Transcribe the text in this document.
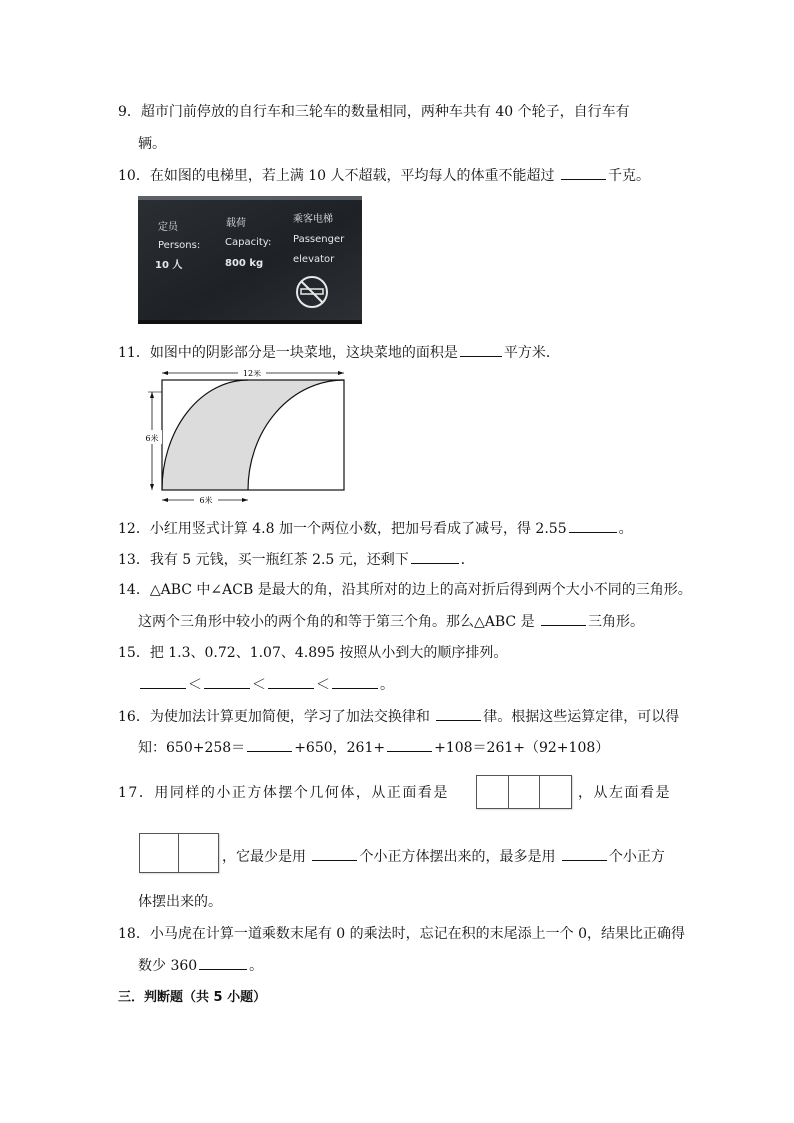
9．超市门前停放的自行车和三轮车的数量相同，两种车共有 40 个轮子，自行车有
辆。
10．在如图的电梯里，若上满 10 人不超载，平均每人的体重不能超过	千克。
定员
Persons:
10 人
载荷
Capacity:
800 kg
乘客电梯
Passenger
elevator
11．如图中的阴影部分是一块菜地，这块菜地的面积是	平方米．
12米
6米
6米
12．小红用竖式计算 4.8 加一个两位小数，把加号看成了减号，得 2.55	。
13．我有 5 元钱，买一瓶红茶 2.5 元，还剩下	．
14．△ABC 中∠ACB 是最大的角，沿其所对的边上的高对折后得到两个大小不同的三角形。
这两个三角形中较小的两个角的和等于第三个角。那么△ABC 是	三角形。
15．把 1.3、0.72、1.07、4.895 按照从小到大的顺序排列。
＜	＜	＜	。
16．为使加法计算更加简便，学习了加法交换律和	律。根据这些运算定律，可以得
知：650+258＝	+650，261+	+108＝261+（92+108）
17．用同样的小正方体摆个几何体，从正面看是	，从左面看是
，它最少是用	个小正方体摆出来的，最多是用	个小正方
体摆出来的。
18．小马虎在计算一道乘数末尾有 0 的乘法时，忘记在积的末尾添上一个 0，结果比正确得
数少 360	。
三．判断题（共 5 小题）
